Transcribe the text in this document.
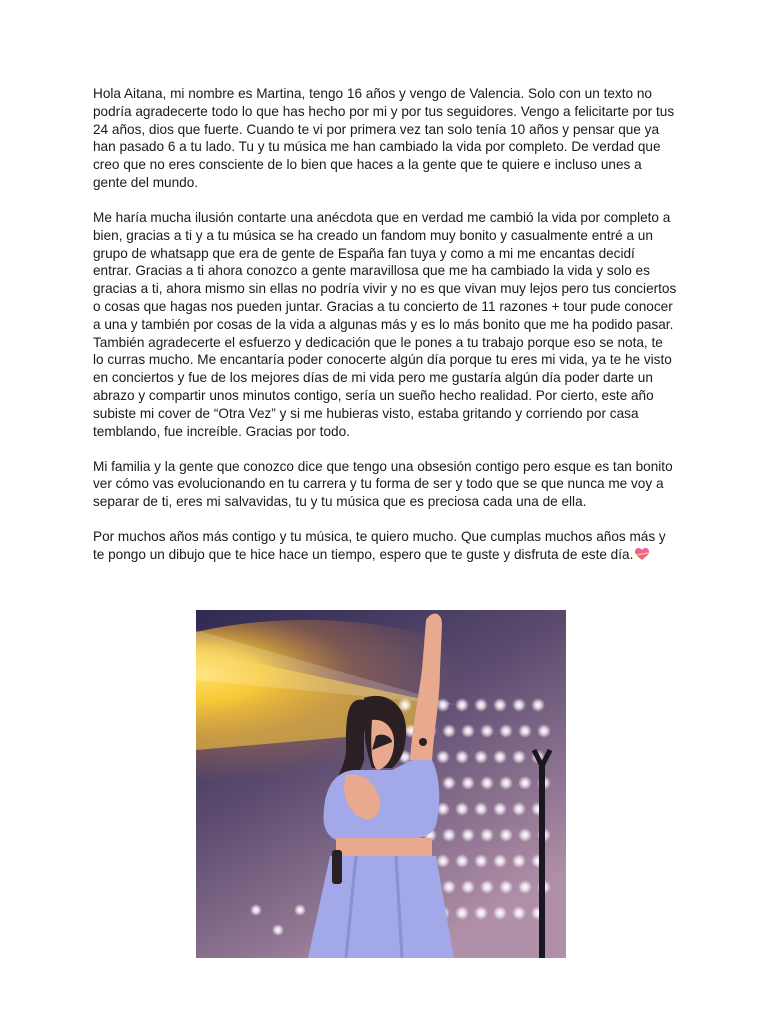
Hola Aitana, mi nombre es Martina, tengo 16 años y vengo de Valencia. Solo con un texto no podría agradecerte todo lo que has hecho por mi y por tus seguidores. Vengo a felicitarte por tus 24 años, dios que fuerte. Cuando te vi por primera vez tan solo tenía 10 años y pensar que ya han pasado 6 a tu lado. Tu y tu música me han cambiado la vida por completo. De verdad que creo que no eres consciente de lo bien que haces a la gente que te quiere e incluso unes a gente del mundo.

Me haría mucha ilusión contarte una anécdota que en verdad me cambió la vida por completo a bien, gracias a ti y a tu música se ha creado un fandom muy bonito y casualmente entré a un grupo de whatsapp que era de gente de España fan tuya y como a mi me encantas decidí entrar. Gracias a ti ahora conozco a gente maravillosa que me ha cambiado la vida y solo es gracias a ti, ahora mismo sin ellas no podría vivir y no es que vivan muy lejos pero tus conciertos o cosas que hagas nos pueden juntar. Gracias a tu concierto de 11 razones + tour pude conocer a una y también por cosas de la vida a algunas más y es lo más bonito que me ha podido pasar. También agradecerte el esfuerzo y dedicación que le pones a tu trabajo porque eso se nota, te lo curras mucho. Me encantaría poder conocerte algún día porque tu eres mi vida, ya te he visto en conciertos y fue de los mejores días de mi vida pero me gustaría algún día poder darte un abrazo y compartir unos minutos contigo, sería un sueño hecho realidad. Por cierto, este año subiste mi cover de “Otra Vez” y si me hubieras visto, estaba gritando y corriendo por casa temblando, fue increíble. Gracias por todo.

Mi familia y la gente que conozco dice que tengo una obsesión contigo pero esque es tan bonito ver cómo vas evolucionando en tu carrera y tu forma de ser y todo que se que nunca me voy a separar de ti, eres mi salvavidas, tu y tu música que es preciosa cada una de ella.

Por muchos años más contigo y tu música, te quiero mucho. Que cumplas muchos años más y te pongo un dibujo que te hice hace un tiempo, espero que te guste y disfruta de este día.
